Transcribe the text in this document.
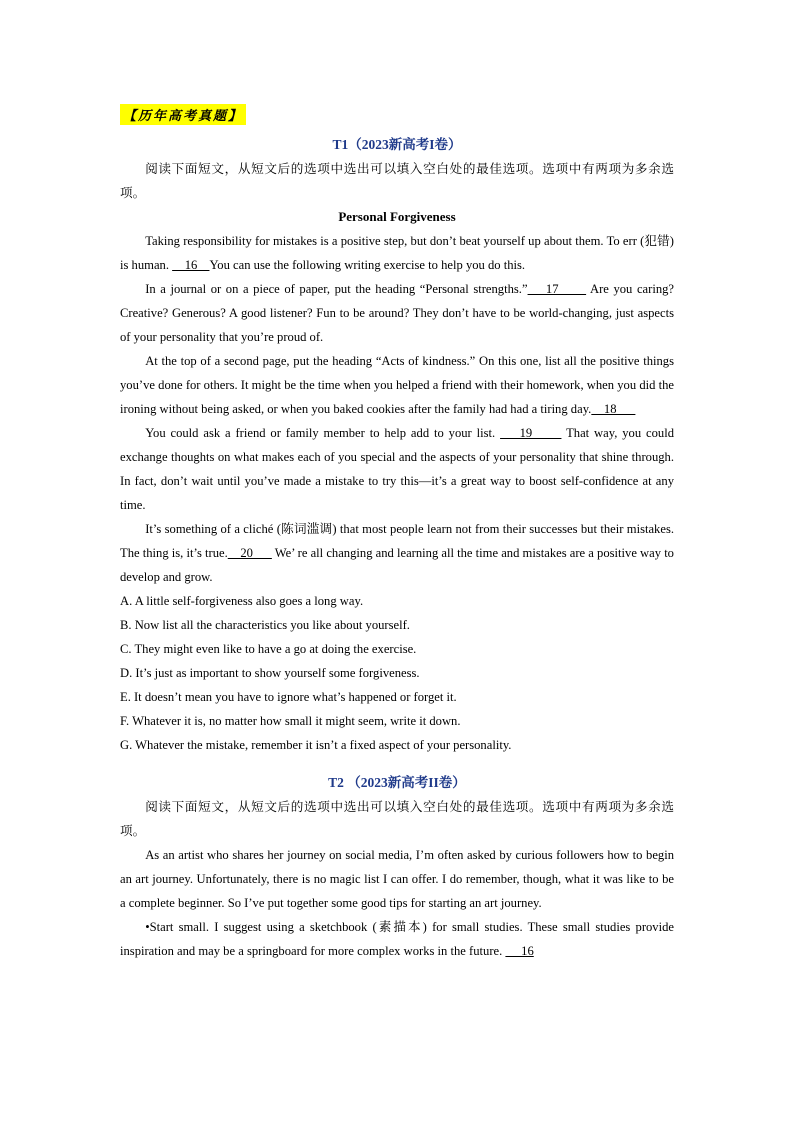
【历年高考真题】
T1（2023新高考I卷）

阅读下面短文，从短文后的选项中选出可以填入空白处的最佳选项。选项中有两项为多余选项。

Personal Forgiveness

Taking responsibility for mistakes is a positive step, but don’t beat yourself up about them. To err (犯错) is human.     16    You can use the following writing exercise to help you do this.

In a journal or on a piece of paper, put the heading “Personal strengths.”    17       Are you caring? Creative? Generous? A good listener? Fun to be around? They don’t have to be world-changing, just aspects of your personality that you’re proud of.

At the top of a second page, put the heading “Acts of kindness.” On this one, list all the positive things you’ve done for others. It might be the time when you helped a friend with their homework, when you did the ironing without being asked, or when you baked cookies after the family had had a tiring day.    18

You could ask a friend or family member to help add to your list.     19       That way, you could exchange thoughts on what makes each of you special and the aspects of your personality that shine through. In fact, don’t wait until you’ve made a mistake to try this—it’s a great way to boost self-confidence at any time.

It’s something of a cliché (陈词滥调) that most people learn not from their successes but their mistakes. The thing is, it’s true.    20       We’ re all changing and learning all the time and mistakes are a positive way to develop and grow.

A. A little self-forgiveness also goes a long way.
B. Now list all the characteristics you like about yourself.
C. They might even like to have a go at doing the exercise.
D. It’s just as important to show yourself some forgiveness.
E. It doesn’t mean you have to ignore what’s happened or forget it.
F. Whatever it is, no matter how small it might seem, write it down.
G. Whatever the mistake, remember it isn’t a fixed aspect of your personality.
T2 （2023新高考II卷）

阅读下面短文，从短文后的选项中选出可以填入空白处的最佳选项。选项中有两项为多余选项。

As an artist who shares her journey on social media, I’m often asked by curious followers how to begin an art journey. Unfortunately, there is no magic list I can offer. I do remember, though, what it was like to be a complete beginner. So I’ve put together some good tips for starting an art journey.

•Start small. I suggest using a sketchbook (素描本) for small studies. These small studies provide inspiration and may be a springboard for more complex works in the future.      16
